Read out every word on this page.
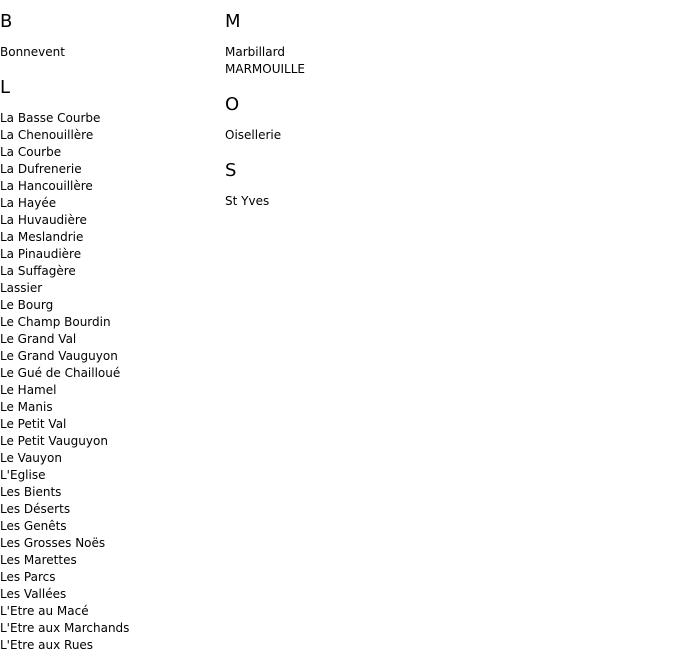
B
Bonnevent
L
La Basse Courbe
La Chenouillère
La Courbe
La Dufrenerie
La Hancouillère
La Hayée
La Huvaudière
La Meslandrie
La Pinaudière
La Suffagère
Lassier
Le Bourg
Le Champ Bourdin
Le Grand Val
Le Grand Vauguyon
Le Gué de Chailloué
Le Hamel
Le Manis
Le Petit Val
Le Petit Vauguyon
Le Vauyon
L'Eglise
Les Bients
Les Déserts
Les Genêts
Les Grosses Noës
Les Marettes
Les Parcs
Les Vallées
L'Etre au Macé
L'Etre aux Marchands
L'Etre aux Rues
M
Marbillard
MARMOUILLE
O
Oisellerie
S
St Yves
